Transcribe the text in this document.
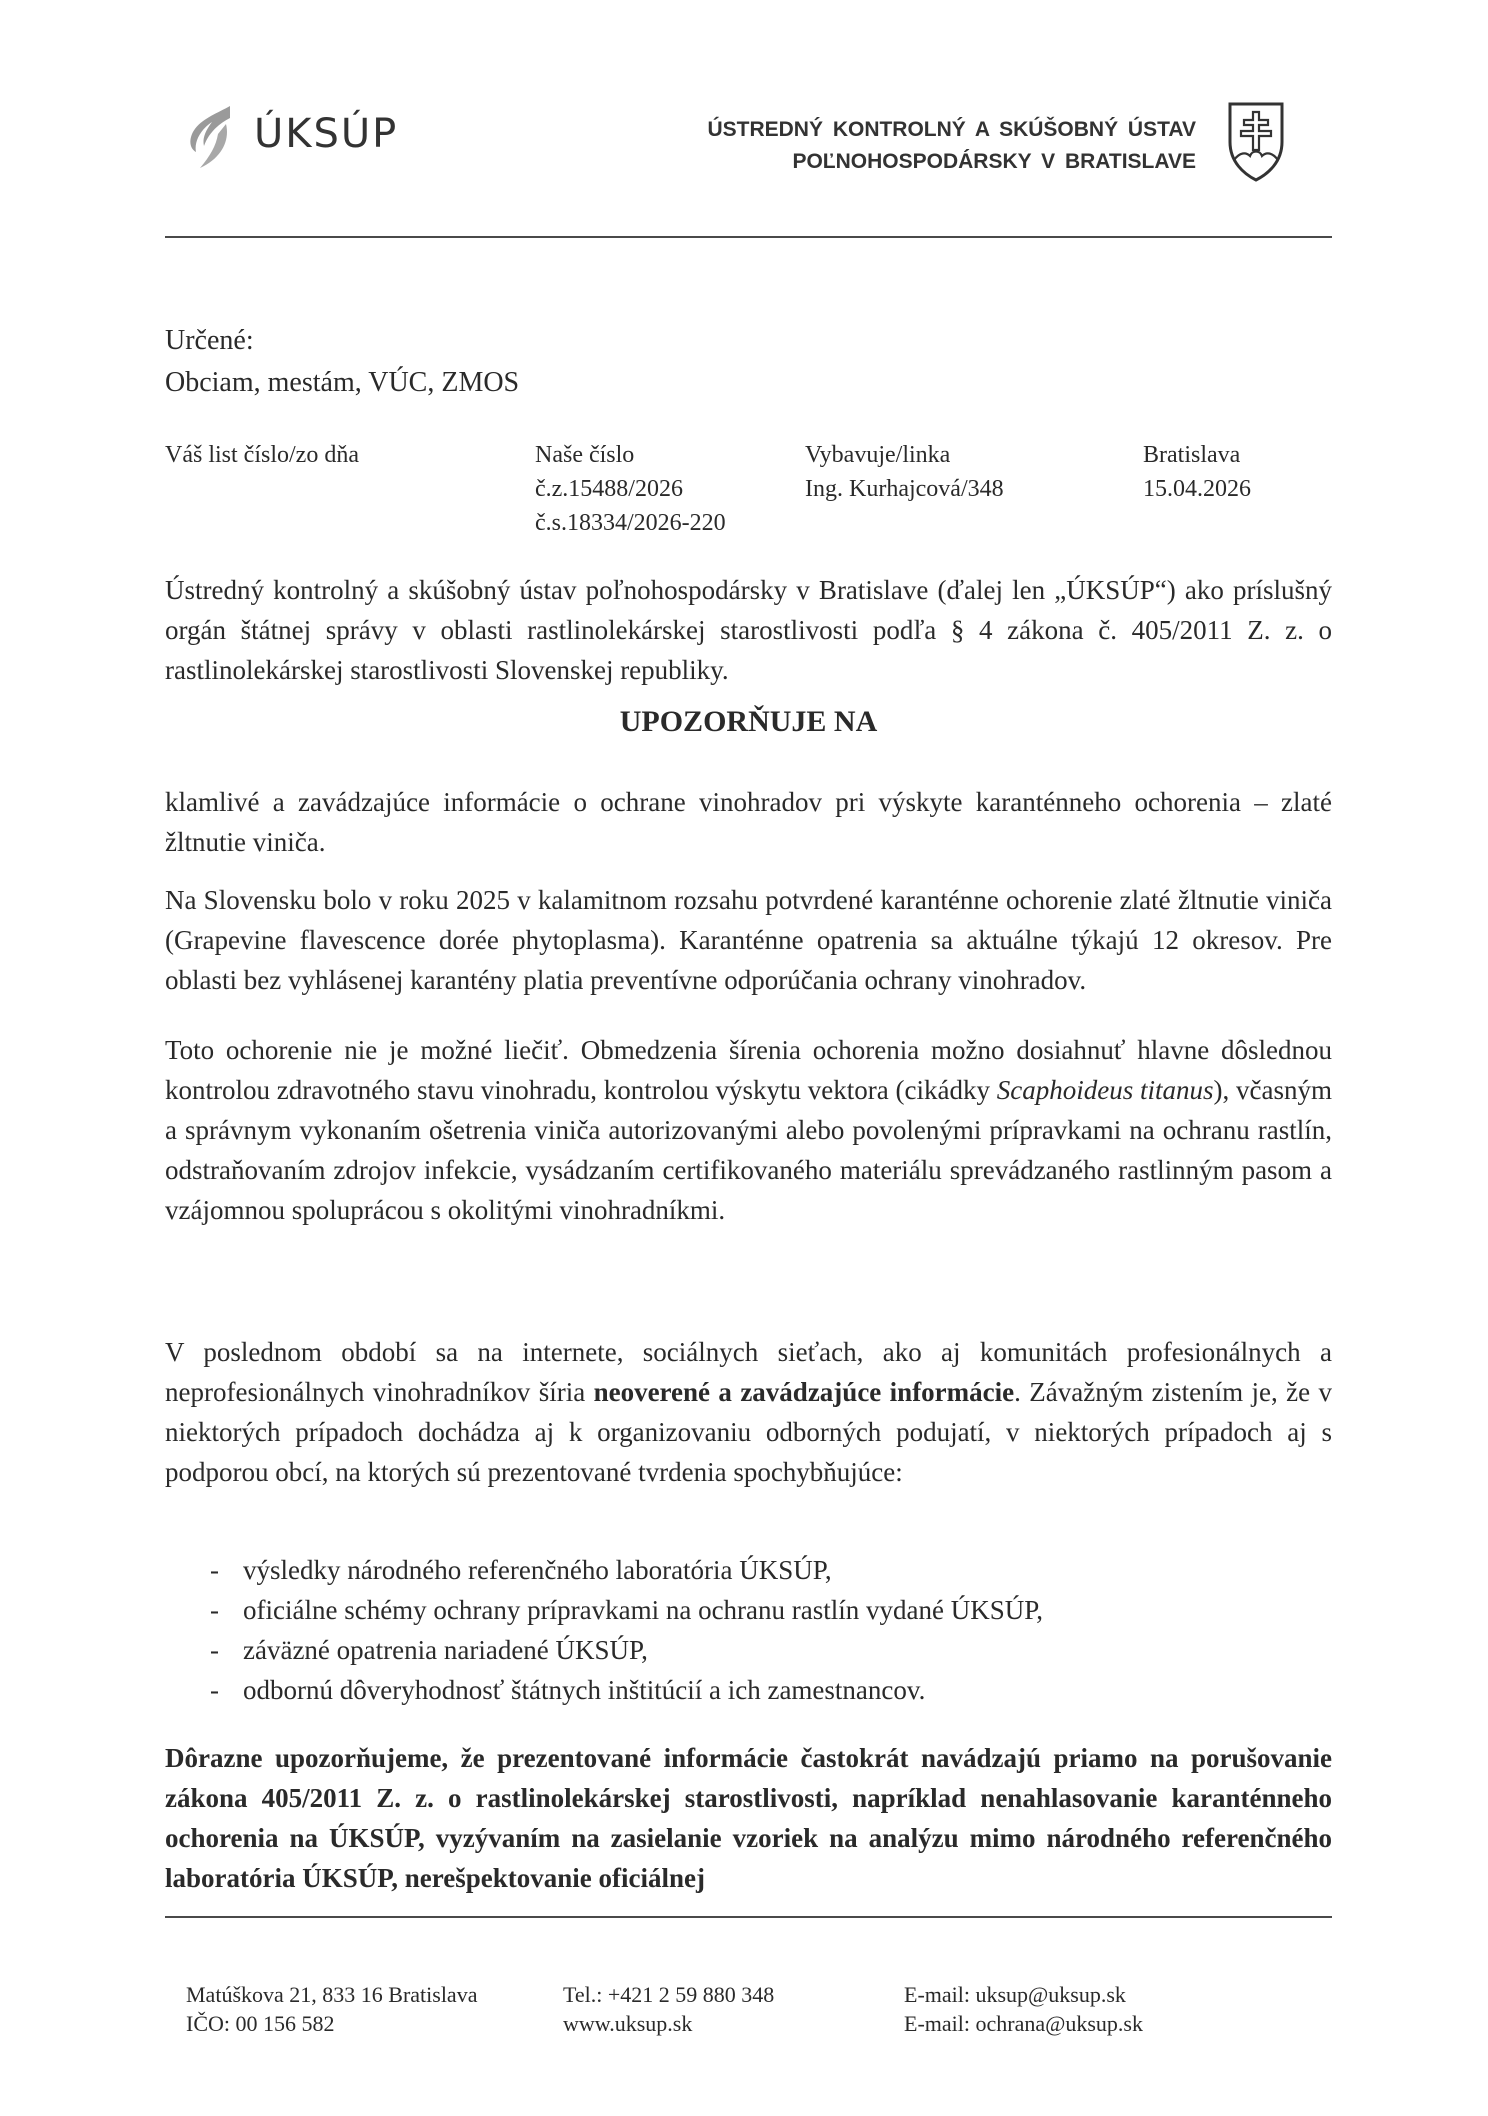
ÚKSÚP	ÚSTREDNÝ KONTROLNÝ A SKÚŠOBNÝ ÚSTAV
POĽNOHOSPODÁRSKY V BRATISLAVE
Určené:
Obciam, mestám, VÚC, ZMOS
Váš list číslo/zo dňa	Naše číslo
č.z.15488/2026
č.s.18334/2026-220
Vybavuje/linka
Ing. Kurhajcová/348
Bratislava
15.04.2026

Ústredný kontrolný a skúšobný ústav poľnohospodársky v Bratislave (ďalej len „ÚKSÚP“) ako príslušný orgán štátnej správy v oblasti rastlinolekárskej starostlivosti podľa § 4 zákona č. 405/2011 Z. z. o rastlinolekárskej starostlivosti Slovenskej republiky.

UPOZORŇUJE NA

klamlivé a zavádzajúce informácie o ochrane vinohradov pri výskyte karanténneho ochorenia – zlaté žltnutie viniča.

Na Slovensku bolo v roku 2025 v kalamitnom rozsahu potvrdené karanténne ochorenie zlaté žltnutie viniča (Grapevine flavescence dorée phytoplasma). Karanténne opatrenia sa aktuálne týkajú 12 okresov. Pre oblasti bez vyhlásenej karantény platia preventívne odporúčania ochrany vinohradov.

Toto ochorenie nie je možné liečiť. Obmedzenia šírenia ochorenia možno dosiahnuť hlavne dôslednou kontrolou zdravotného stavu vinohradu, kontrolou výskytu vektora (cikádky Scaphoideus titanus), včasným a správnym vykonaním ošetrenia viniča autorizovanými alebo povolenými prípravkami na ochranu rastlín, odstraňovaním zdrojov infekcie, vysádzaním certifikovaného materiálu sprevádzaného rastlinným pasom a vzájomnou spoluprácou s okolitými vinohradníkmi.

V poslednom období sa na internete, sociálnych sieťach, ako aj komunitách profesionálnych a neprofesionálnych vinohradníkov šíria neoverené a zavádzajúce informácie. Závažným zistením je, že v niektorých prípadoch dochádza aj k organizovaniu odborných podujatí, v niektorých prípadoch aj s podporou obcí, na ktorých sú prezentované tvrdenia spochybňujúce:

- výsledky národného referenčného laboratória ÚKSÚP,
- oficiálne schémy ochrany prípravkami na ochranu rastlín vydané ÚKSÚP,
- záväzné opatrenia nariadené ÚKSÚP,
- odbornú dôveryhodnosť štátnych inštitúcií a ich zamestnancov.

Dôrazne upozorňujeme, že prezentované informácie častokrát navádzajú priamo na porušovanie zákona 405/2011 Z. z. o rastlinolekárskej starostlivosti, napríklad nenahlasovanie karanténneho ochorenia na ÚKSÚP, vyzývaním na zasielanie vzoriek na analýzu mimo národného referenčného laboratória ÚKSÚP, nerešpektovanie oficiálnej

Matúškova 21, 833 16 Bratislava
IČO: 00 156 582
Tel.: +421 2 59 880 348
www.uksup.sk
E-mail: uksup@uksup.sk
E-mail: ochrana@uksup.sk
